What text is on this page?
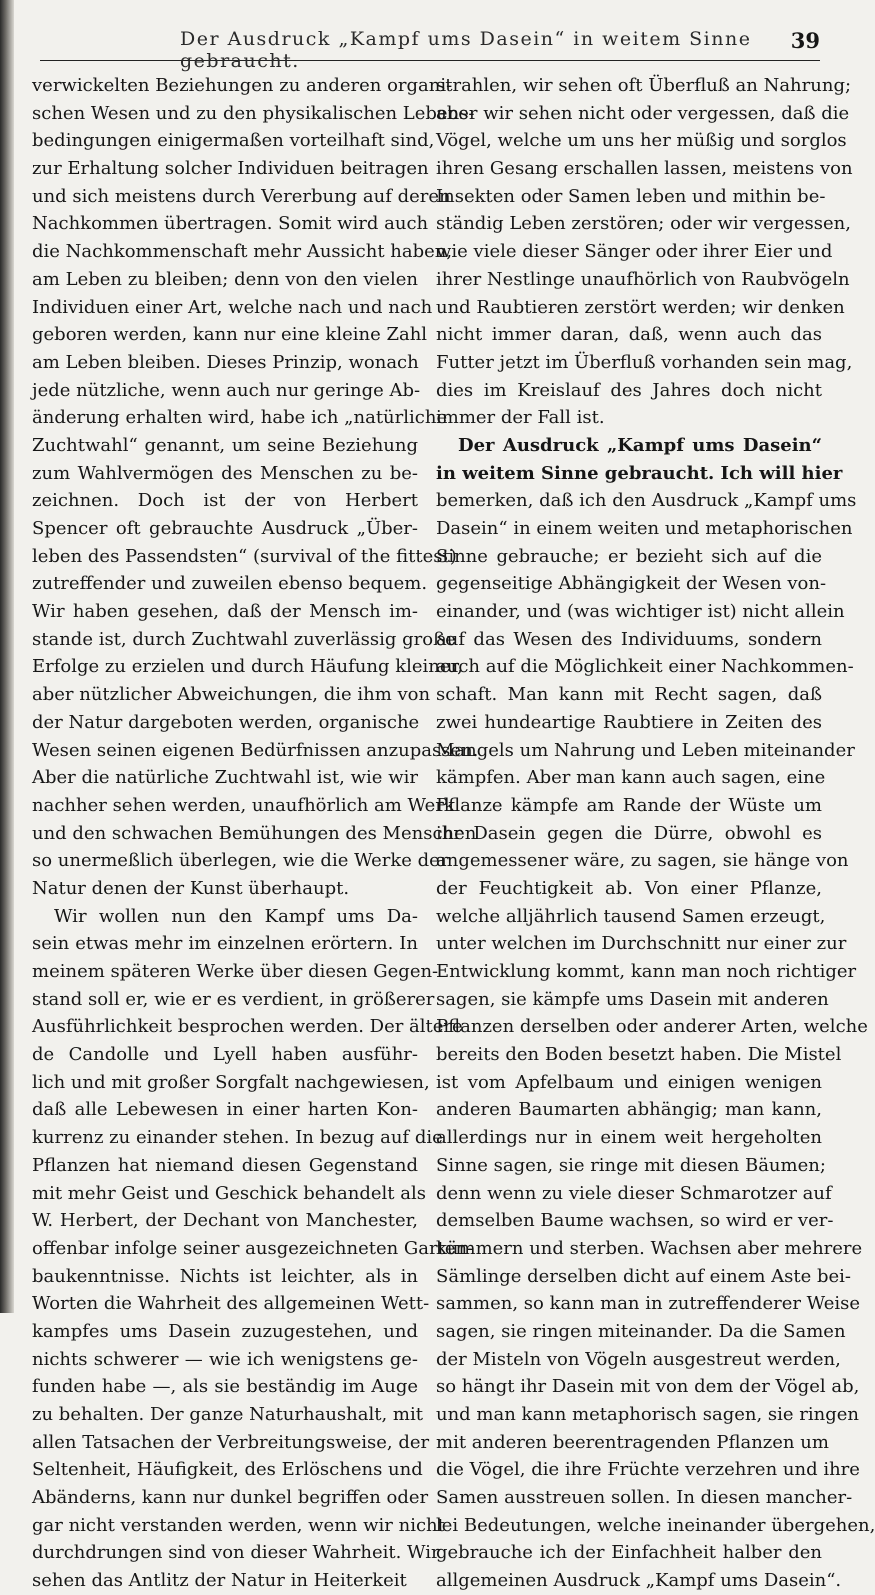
Der Ausdruck „Kampf ums Dasein“ in weitem Sinne gebraucht.
39
verwickelten Beziehungen zu anderen organi-
schen Wesen und zu den physikalischen Lebens-
bedingungen einigermaßen vorteilhaft sind,
zur Erhaltung solcher Individuen beitragen
und sich meistens durch Vererbung auf deren
Nachkommen übertragen. Somit wird auch
die Nachkommenschaft mehr Aussicht haben,
am Leben zu bleiben; denn von den vielen
Individuen einer Art, welche nach und nach
geboren werden, kann nur eine kleine Zahl
am Leben bleiben. Dieses Prinzip, wonach
jede nützliche, wenn auch nur geringe Ab-
änderung erhalten wird, habe ich „natürliche
Zuchtwahl“ genannt, um seine Beziehung
zum Wahlvermögen des Menschen zu be-
zeichnen. Doch ist der von Herbert
Spencer oft gebrauchte Ausdruck „Über-
leben des Passendsten“ (survival of the fittest)
zutreffender und zuweilen ebenso bequem.
Wir haben gesehen, daß der Mensch im-
stande ist, durch Zuchtwahl zuverlässig große
Erfolge zu erzielen und durch Häufung kleiner,
aber nützlicher Abweichungen, die ihm von
der Natur dargeboten werden, organische
Wesen seinen eigenen Bedürfnissen anzupassen.
Aber die natürliche Zuchtwahl ist, wie wir
nachher sehen werden, unaufhörlich am Werk
und den schwachen Bemühungen des Menschen
so unermeßlich überlegen, wie die Werke der
Natur denen der Kunst überhaupt.
Wir wollen nun den Kampf ums Da-
sein etwas mehr im einzelnen erörtern. In
meinem späteren Werke über diesen Gegen-
stand soll er, wie er es verdient, in größerer
Ausführlichkeit besprochen werden. Der ältere
de Candolle und Lyell haben ausführ-
lich und mit großer Sorgfalt nachgewiesen,
daß alle Lebewesen in einer harten Kon-
kurrenz zu einander stehen. In bezug auf die
Pflanzen hat niemand diesen Gegenstand
mit mehr Geist und Geschick behandelt als
W. Herbert, der Dechant von Manchester,
offenbar infolge seiner ausgezeichneten Garten-
baukenntnisse. Nichts ist leichter, als in
Worten die Wahrheit des allgemeinen Wett-
kampfes ums Dasein zuzugestehen, und
nichts schwerer — wie ich wenigstens ge-
funden habe —, als sie beständig im Auge
zu behalten. Der ganze Naturhaushalt, mit
allen Tatsachen der Verbreitungsweise, der
Seltenheit, Häufigkeit, des Erlöschens und
Abänderns, kann nur dunkel begriffen oder
gar nicht verstanden werden, wenn wir nicht
durchdrungen sind von dieser Wahrheit. Wir
sehen das Antlitz der Natur in Heiterkeit
strahlen, wir sehen oft Überfluß an Nahrung;
aber wir sehen nicht oder vergessen, daß die
Vögel, welche um uns her müßig und sorglos
ihren Gesang erschallen lassen, meistens von
Insekten oder Samen leben und mithin be-
ständig Leben zerstören; oder wir vergessen,
wie viele dieser Sänger oder ihrer Eier und
ihrer Nestlinge unaufhörlich von Raubvögeln
und Raubtieren zerstört werden; wir denken
nicht immer daran, daß, wenn auch das
Futter jetzt im Überfluß vorhanden sein mag,
dies im Kreislauf des Jahres doch nicht
immer der Fall ist.
Der Ausdruck „Kampf ums Dasein“
in weitem Sinne gebraucht. Ich will hier
bemerken, daß ich den Ausdruck „Kampf ums
Dasein“ in einem weiten und metaphorischen
Sinne gebrauche; er bezieht sich auf die
gegenseitige Abhängigkeit der Wesen von-
einander, und (was wichtiger ist) nicht allein
auf das Wesen des Individuums, sondern
auch auf die Möglichkeit einer Nachkommen-
schaft. Man kann mit Recht sagen, daß
zwei hundeartige Raubtiere in Zeiten des
Mangels um Nahrung und Leben miteinander
kämpfen. Aber man kann auch sagen, eine
Pflanze kämpfe am Rande der Wüste um
ihr Dasein gegen die Dürre, obwohl es
angemessener wäre, zu sagen, sie hänge von
der Feuchtigkeit ab. Von einer Pflanze,
welche alljährlich tausend Samen erzeugt,
unter welchen im Durchschnitt nur einer zur
Entwicklung kommt, kann man noch richtiger
sagen, sie kämpfe ums Dasein mit anderen
Pflanzen derselben oder anderer Arten, welche
bereits den Boden besetzt haben. Die Mistel
ist vom Apfelbaum und einigen wenigen
anderen Baumarten abhängig; man kann,
allerdings nur in einem weit hergeholten
Sinne sagen, sie ringe mit diesen Bäumen;
denn wenn zu viele dieser Schmarotzer auf
demselben Baume wachsen, so wird er ver-
kümmern und sterben. Wachsen aber mehrere
Sämlinge derselben dicht auf einem Aste bei-
sammen, so kann man in zutreffenderer Weise
sagen, sie ringen miteinander. Da die Samen
der Misteln von Vögeln ausgestreut werden,
so hängt ihr Dasein mit von dem der Vögel ab,
und man kann metaphorisch sagen, sie ringen
mit anderen beerentragenden Pflanzen um
die Vögel, die ihre Früchte verzehren und ihre
Samen ausstreuen sollen. In diesen mancher-
lei Bedeutungen, welche ineinander übergehen,
gebrauche ich der Einfachheit halber den
allgemeinen Ausdruck „Kampf ums Dasein“.
